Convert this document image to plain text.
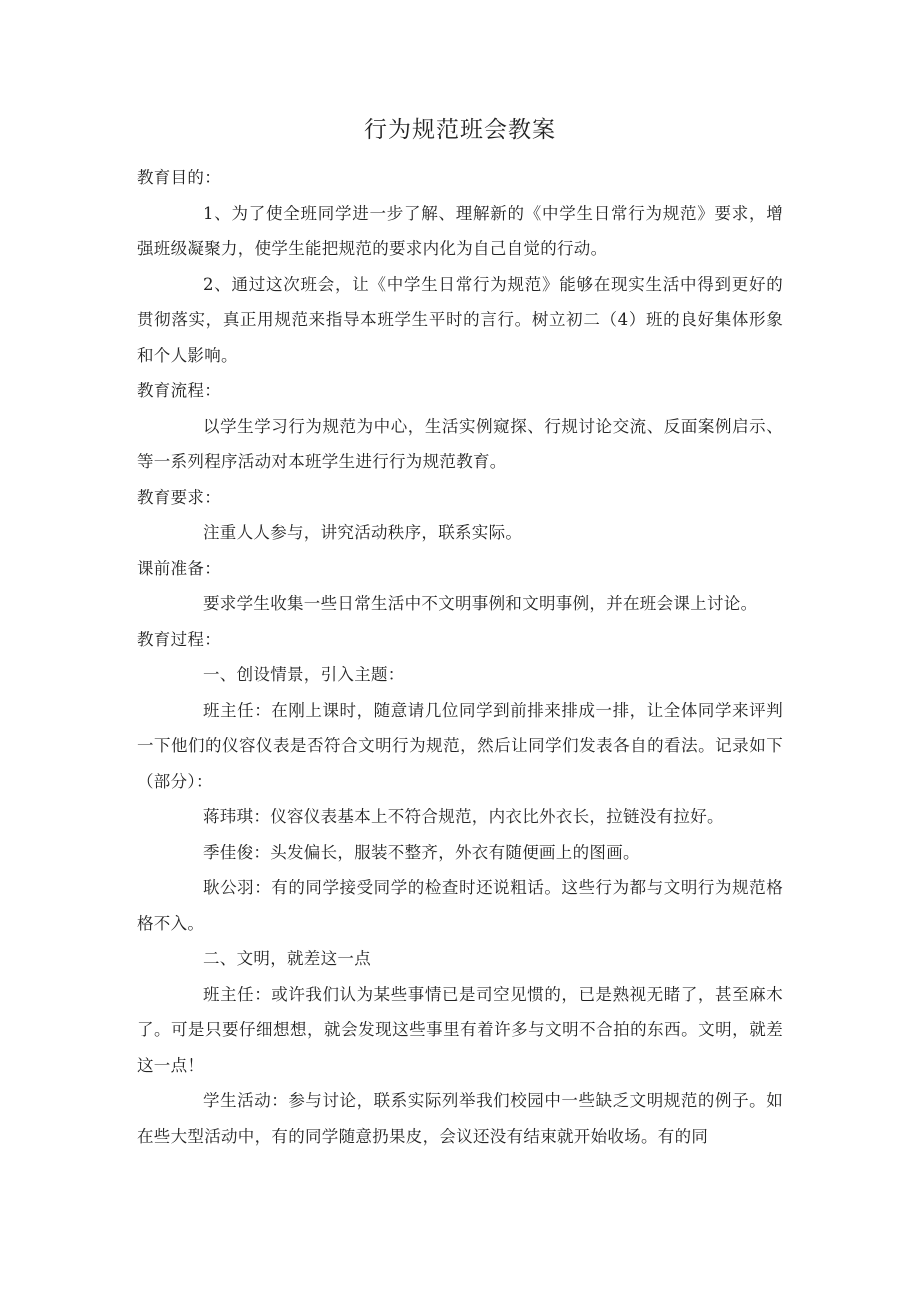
行为规范班会教案

教育目的：

1、为了使全班同学进一步了解、理解新的《中学生日常行为规范》要求，增强班级凝聚力，使学生能把规范的要求内化为自己自觉的行动。

2、通过这次班会，让《中学生日常行为规范》能够在现实生活中得到更好的贯彻落实，真正用规范来指导本班学生平时的言行。树立初二（4）班的良好集体形象和个人影响。

教育流程：

以学生学习行为规范为中心，生活实例窥探、行规讨论交流、反面案例启示、等一系列程序活动对本班学生进行行为规范教育。

教育要求：

注重人人参与，讲究活动秩序，联系实际。

课前准备：

要求学生收集一些日常生活中不文明事例和文明事例，并在班会课上讨论。

教育过程：

一、创设情景，引入主题：

班主任：在刚上课时，随意请几位同学到前排来排成一排，让全体同学来评判一下他们的仪容仪表是否符合文明行为规范，然后让同学们发表各自的看法。记录如下（部分）：

蒋玮琪：仪容仪表基本上不符合规范，内衣比外衣长，拉链没有拉好。

季佳俊：头发偏长，服装不整齐，外衣有随便画上的图画。

耿公羽：有的同学接受同学的检查时还说粗话。这些行为都与文明行为规范格格不入。

二、文明，就差这一点

班主任：或许我们认为某些事情已是司空见惯的，已是熟视无睹了，甚至麻木了。可是只要仔细想想，就会发现这些事里有着许多与文明不合拍的东西。文明，就差这一点！

学生活动：参与讨论，联系实际列举我们校园中一些缺乏文明规范的例子。如在些大型活动中，有的同学随意扔果皮，会议还没有结束就开始收场。有的同
